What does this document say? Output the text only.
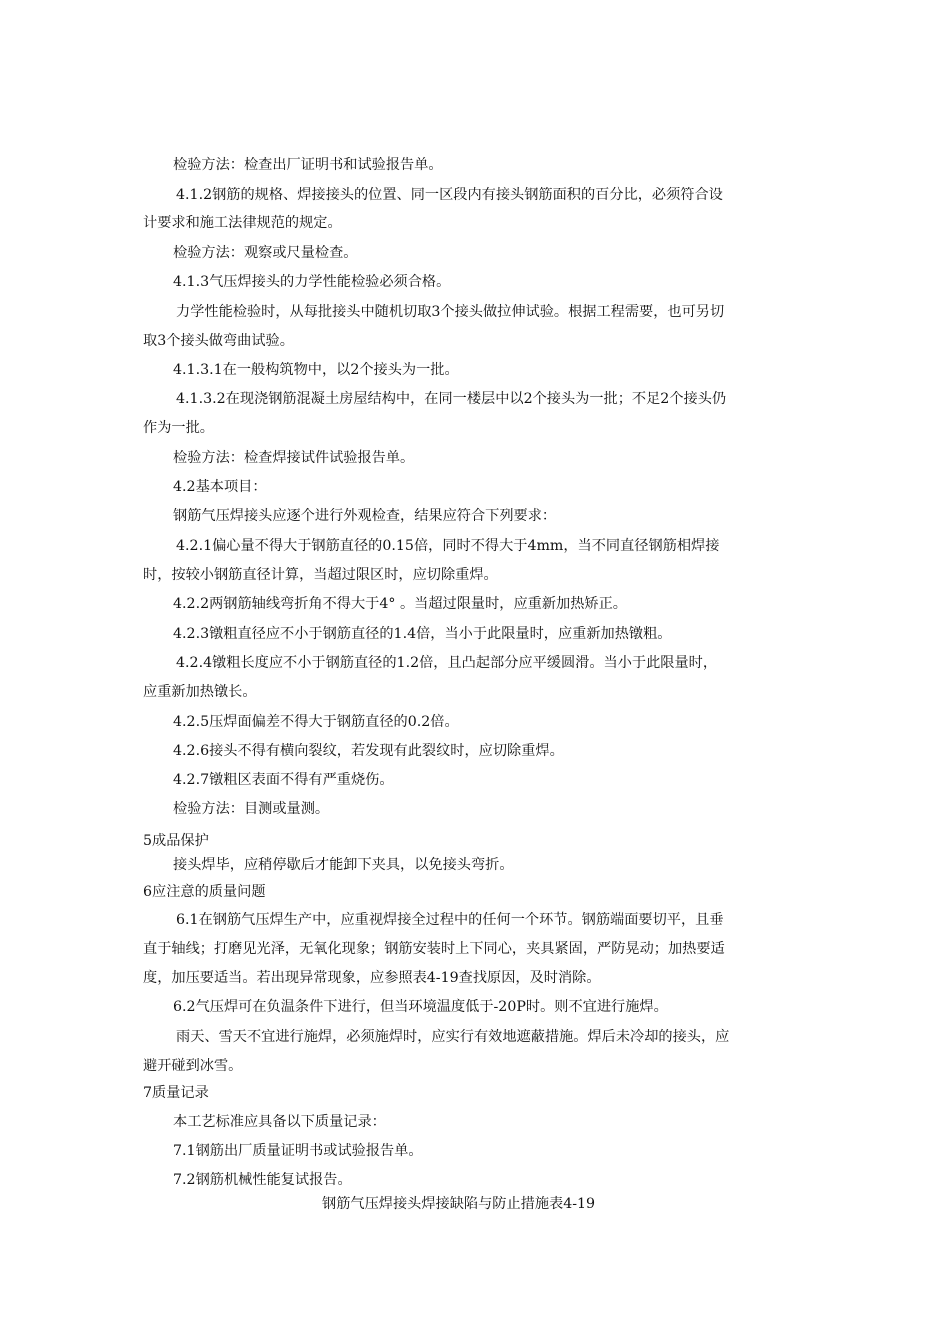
检验方法：检查出厂证明书和试验报告单。
4.1.2钢筋的规格、焊接接头的位置、同一区段内有接头钢筋面积的百分比，必须符合设
计要求和施工法律规范的规定。
检验方法：观察或尺量检查。
4.1.3气压焊接头的力学性能检验必须合格。
力学性能检验时，从每批接头中随机切取3个接头做拉伸试验。根据工程需要，也可另切
取3个接头做弯曲试验。
4.1.3.1在一般构筑物中，以2个接头为一批。
4.1.3.2在现浇钢筋混凝土房屋结构中，在同一楼层中以2个接头为一批；不足2个接头仍
作为一批。
检验方法：检查焊接试件试验报告单。
4.2基本项目：
钢筋气压焊接头应逐个进行外观检查，结果应符合下列要求：
4.2.1偏心量不得大于钢筋直径的0.15倍，同时不得大于4mm，当不同直径钢筋相焊接
时，按较小钢筋直径计算，当超过限区时，应切除重焊。
4.2.2两钢筋轴线弯折角不得大于4° 。当超过限量时，应重新加热矫正。
4.2.3镦粗直径应不小于钢筋直径的1.4倍，当小于此限量时，应重新加热镦粗。
4.2.4镦粗长度应不小于钢筋直径的1.2倍，且凸起部分应平缓圆滑。当小于此限量时，
应重新加热镦长。
4.2.5压焊面偏差不得大于钢筋直径的0.2倍。
4.2.6接头不得有横向裂纹，若发现有此裂纹时，应切除重焊。
4.2.7镦粗区表面不得有严重烧伤。
检验方法：目测或量测。
5成品保护
接头焊毕，应稍停歇后才能卸下夹具，以免接头弯折。
6应注意的质量问题
6.1在钢筋气压焊生产中，应重视焊接全过程中的任何一个环节。钢筋端面要切平，且垂
直于轴线；打磨见光泽，无氧化现象；钢筋安装时上下同心，夹具紧固，严防晃动；加热要适
度，加压要适当。若出现异常现象，应参照表4-19查找原因，及时消除。
6.2气压焊可在负温条件下进行，但当环境温度低于-20P时。则不宜进行施焊。
雨天、雪天不宜进行施焊，必须施焊时，应实行有效地遮蔽措施。焊后未冷却的接头，应
避开碰到冰雪。
7质量记录
本工艺标准应具备以下质量记录：
7.1钢筋出厂质量证明书或试验报告单。
7.2钢筋机械性能复试报告。
钢筋气压焊接头焊接缺陷与防止措施表4-19
